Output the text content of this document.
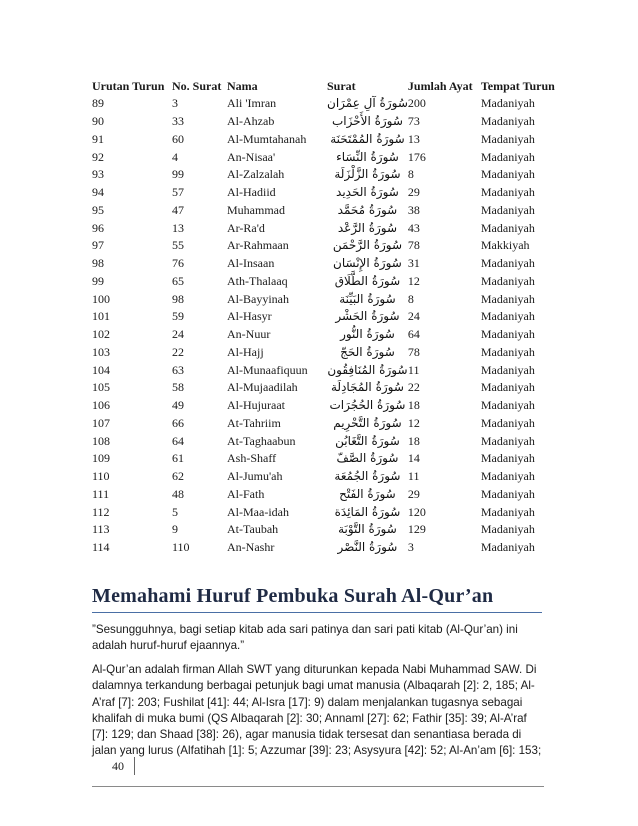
Urutan Turun	No. Surat	Nama	Surat	Jumlah Ayat	Tempat Turun
89	3	Ali 'Imran	سُورَةُ آلِ عِمْرَان	200	Madaniyah
90	33	Al-Ahzab	سُورَةُ الأَحْزَاب	73	Madaniyah
91	60	Al-Mumtahanah	سُورَةُ المُمْتَحَنَة	13	Madaniyah
92	4	An-Nisaa'	سُورَةُ النِّسَاء	176	Madaniyah
93	99	Al-Zalzalah	سُورَةُ الزَّلْزَلَة	8	Madaniyah
94	57	Al-Hadiid	سُورَةُ الحَدِيد	29	Madaniyah
95	47	Muhammad	سُورَةُ مُحَمَّد	38	Madaniyah
96	13	Ar-Ra'd	سُورَةُ الرَّعْد	43	Madaniyah
97	55	Ar-Rahmaan	سُورَةُ الرَّحْمَن	78	Makkiyah
98	76	Al-Insaan	سُورَةُ الإِنْسَان	31	Madaniyah
99	65	Ath-Thalaaq	سُورَةُ الطَّلَاق	12	Madaniyah
100	98	Al-Bayyinah	سُورَةُ البَيِّنَة	8	Madaniyah
101	59	Al-Hasyr	سُورَةُ الحَشْر	24	Madaniyah
102	24	An-Nuur	سُورَةُ النُّور	64	Madaniyah
103	22	Al-Hajj	سُورَةُ الحَجّ	78	Madaniyah
104	63	Al-Munaafiquun	سُورَةُ المُنَافِقُون	11	Madaniyah
105	58	Al-Mujaadilah	سُورَةُ المُجَادِلَة	22	Madaniyah
106	49	Al-Hujuraat	سُورَةُ الحُجُرَات	18	Madaniyah
107	66	At-Tahriim	سُورَةُ التَّحْرِيم	12	Madaniyah
108	64	At-Taghaabun	سُورَةُ التَّغَابُن	18	Madaniyah
109	61	Ash-Shaff	سُورَةُ الصَّفّ	14	Madaniyah
110	62	Al-Jumu'ah	سُورَةُ الجُمُعَة	11	Madaniyah
111	48	Al-Fath	سُورَةُ الفَتْح	29	Madaniyah
112	5	Al-Maa-idah	سُورَةُ المَائِدَة	120	Madaniyah
113	9	At-Taubah	سُورَةُ التَّوْبَة	129	Madaniyah
114	110	An-Nashr	سُورَةُ النَّصْر	3	Madaniyah
Memahami Huruf Pembuka Surah Al-Qur’an

”Sesungguhnya, bagi setiap kitab ada sari patinya dan sari pati kitab (Al-Qur’an) ini adalah huruf-huruf ejaannya.”

Al-Qur’an adalah firman Allah SWT yang diturunkan kepada Nabi Muhammad SAW. Di dalamnya terkandung berbagai petunjuk bagi umat manusia (Albaqarah [2]: 2, 185; Al-A’raf [7]: 203; Fushilat [41]: 44; Al-Isra [17]: 9) dalam menjalankan tugasnya sebagai khalifah di muka bumi (QS Albaqarah [2]: 30; Annaml [27]: 62; Fathir [35]: 39; Al-A’raf [7]: 129; dan Shaad [38]: 26), agar manusia tidak tersesat dan senantiasa berada di jalan yang lurus (Alfatihah [1]: 5; Azzumar [39]: 23; Asysyura [42]: 52; Al-An’am [6]: 153;

40
